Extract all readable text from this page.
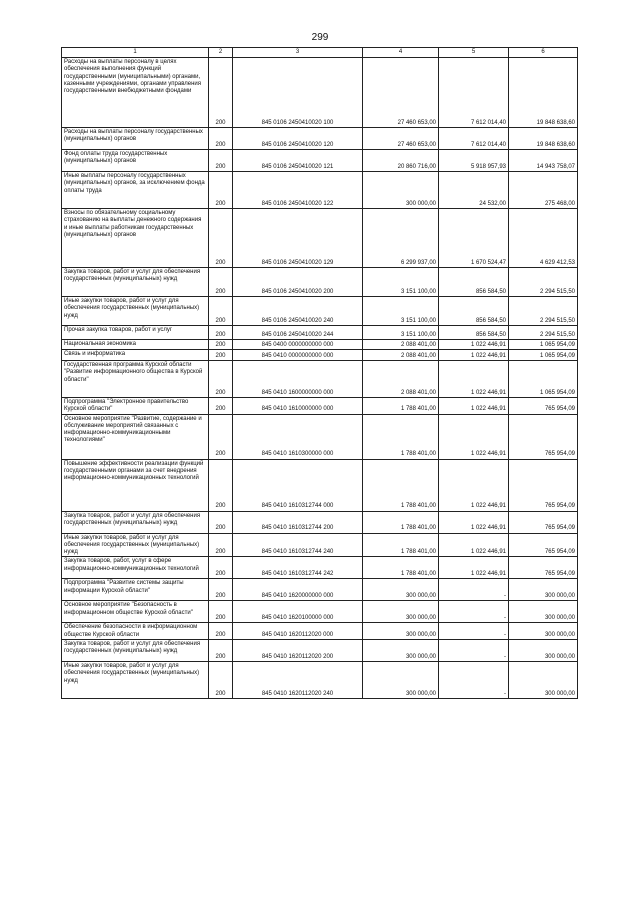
299
1	2	3	4	5	6
Расходы на выплаты персоналу в целях обеспечения выполнения функций государственными (муниципальными) органами, казенными учреждениями, органами управления государственными внебюджетными фондами	200	845 0106 2450410020 100	27 460 653,00	7 612 014,40	19 848 638,60
Расходы на выплаты персоналу государственных (муниципальных) органов	200	845 0106 2450410020 120	27 460 653,00	7 612 014,40	19 848 638,60
Фонд оплаты труда государственных (муниципальных) органов	200	845 0106 2450410020 121	20 860 716,00	5 918 957,93	14 943 758,07
Иные выплаты персоналу государственных (муниципальных) органов, за исключением фонда оплаты труда	200	845 0106 2450410020 122	300 000,00	24 532,00	275 468,00
Взносы по обязательному социальному страхованию на выплаты денежного содержания и иные выплаты работникам государственных (муниципальных) органов	200	845 0106 2450410020 129	6 299 937,00	1 670 524,47	4 629 412,53
Закупка товаров, работ и услуг для обеспечения государственных (муниципальных) нужд	200	845 0106 2450410020 200	3 151 100,00	856 584,50	2 294 515,50
Иные закупки товаров, работ и услуг для обеспечения государственных (муниципальных) нужд	200	845 0106 2450410020 240	3 151 100,00	856 584,50	2 294 515,50
Прочая закупка товаров, работ и услуг	200	845 0106 2450410020 244	3 151 100,00	856 584,50	2 294 515,50
Национальная экономика	200	845 0400 0000000000 000	2 088 401,00	1 022 446,91	1 065 954,09
Связь и информатика	200	845 0410 0000000000 000	2 088 401,00	1 022 446,91	1 065 954,09
Государственная программа Курской области "Развитие информационного общества в Курской области"	200	845 0410 1600000000 000	2 088 401,00	1 022 446,91	1 065 954,09
Подпрограмма "Электронное правительство Курской области"	200	845 0410 1610000000 000	1 788 401,00	1 022 446,91	765 954,09
Основное мероприятие "Развитие, содержание и обслуживание мероприятий связанных с информационно-коммуникационными технологиями"	200	845 0410 1610300000 000	1 788 401,00	1 022 446,91	765 954,09
Повышение эффективности реализации функций государственными органами за счет внедрения информационно-коммуникационных технологий	200	845 0410 1610312744 000	1 788 401,00	1 022 446,91	765 954,09
Закупка товаров, работ и услуг для обеспечения государственных (муниципальных) нужд	200	845 0410 1610312744 200	1 788 401,00	1 022 446,91	765 954,09
Иные закупки товаров, работ и услуг для обеспечения государственных (муниципальных) нужд	200	845 0410 1610312744 240	1 788 401,00	1 022 446,91	765 954,09
Закупка товаров, работ, услуг в сфере информационно-коммуникационных технологий	200	845 0410 1610312744 242	1 788 401,00	1 022 446,91	765 954,09
Подпрограмма "Развитие системы защиты информации Курской области"	200	845 0410 1620000000 000	300 000,00	-	300 000,00
Основное мероприятие "Безопасность в информационном обществе Курской области"	200	845 0410 1620100000 000	300 000,00	-	300 000,00
Обеспечение безопасности в информационном обществе Курской области	200	845 0410 1620112020 000	300 000,00	-	300 000,00
Закупка товаров, работ и услуг для обеспечения государственных (муниципальных) нужд	200	845 0410 1620112020 200	300 000,00	-	300 000,00
Иные закупки товаров, работ и услуг для обеспечения государственных (муниципальных) нужд	200	845 0410 1620112020 240	300 000,00	-	300 000,00
